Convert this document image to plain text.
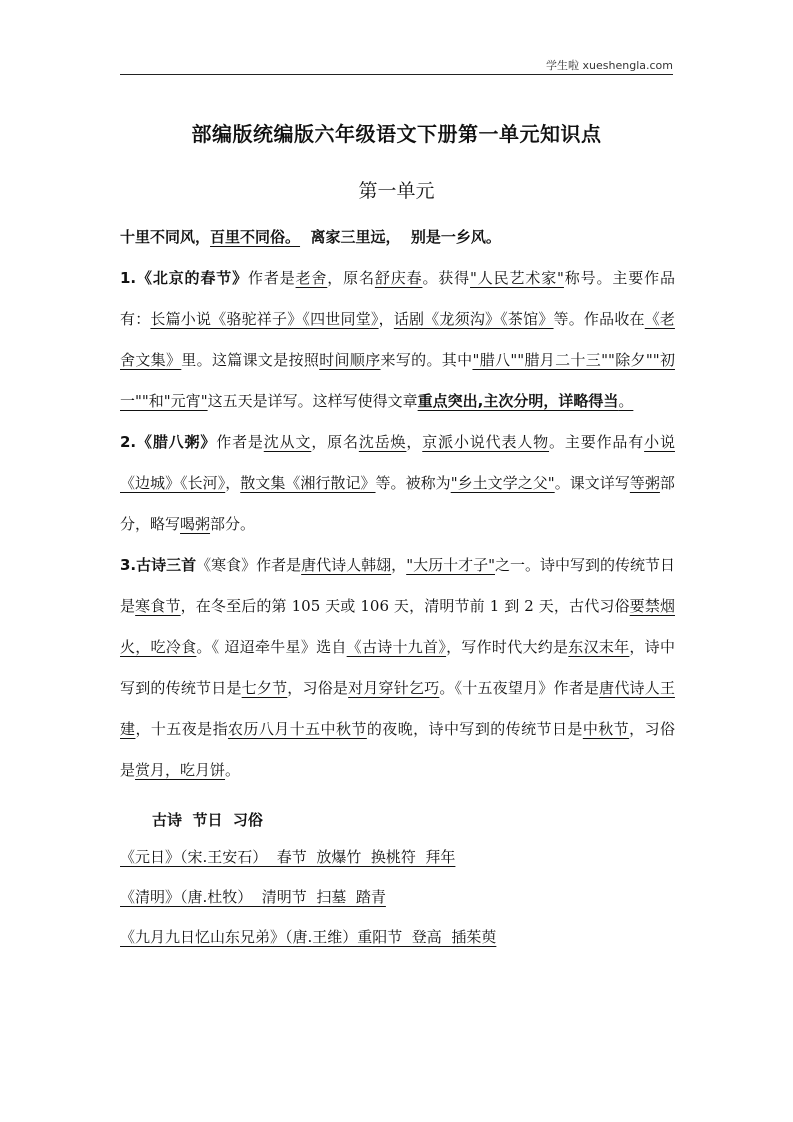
学生啦 xueshengla.com
部编版统编版六年级语文下册第一单元知识点
第一单元

十里不同风，百里不同俗。  离家三里远，  别是一乡风。

1.《北京的春节》作者是老舍，原名舒庆春。获得"人民艺术家"称号。主要作品有：长篇小说《骆驼祥子》《四世同堂》，话剧《龙须沟》《茶馆》等。作品收在《老舍文集》里。这篇课文是按照时间顺序来写的。其中"腊八""腊月二十三""除夕""初一""和"元宵"这五天是详写。这样写使得文章重点突出,主次分明，详略得当。

2.《腊八粥》作者是沈从文，原名沈岳焕，京派小说代表人物。主要作品有小说《边城》《长河》，散文集《湘行散记》等。被称为"乡土文学之父"。课文详写等粥部分，略写喝粥部分。

3.古诗三首《寒食》作者是唐代诗人韩翃，"大历十才子"之一。诗中写到的传统节日是寒食节，在冬至后的第 105 天或 106 天，清明节前 1 到 2 天，古代习俗要禁烟火，吃冷食。《 迢迢牵牛星》选自《古诗十九首》，写作时代大约是东汉末年，诗中写到的传统节日是七夕节，习俗是对月穿针乞巧。《十五夜望月》作者是唐代诗人王建，十五夜是指农历八月十五中秋节的夜晚，诗中写到的传统节日是中秋节，习俗是赏月，吃月饼。

古诗  节日  习俗
《元日》（宋.王安石）  春节  放爆竹  换桃符  拜年
《清明》（唐.杜牧）  清明节  扫墓  踏青
《九月九日忆山东兄弟》（唐.王维）重阳节  登高  插茱萸
